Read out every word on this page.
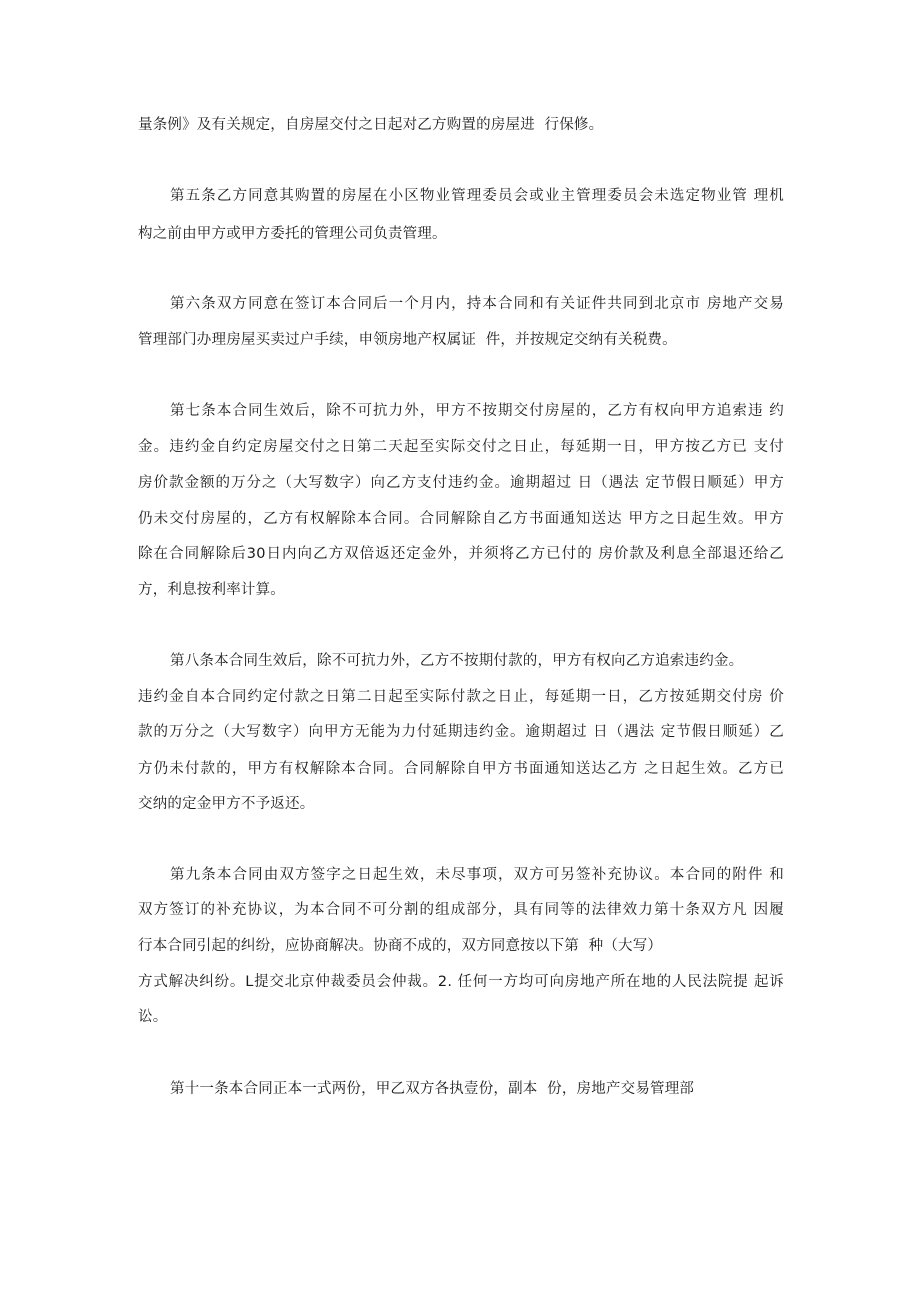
量条例》及有关规定，自房屋交付之日起对乙方购置的房屋进  行保修。
第五条乙方同意其购置的房屋在小区物业管理委员会或业主管理委员会未选定物业管 理机
构之前由甲方或甲方委托的管理公司负责管理。
第六条双方同意在签订本合同后一个月内，持本合同和有关证件共同到北京市 房地产交易
管理部门办理房屋买卖过户手续，申领房地产权属证  件，并按规定交纳有关税费。
第七条本合同生效后，除不可抗力外，甲方不按期交付房屋的，乙方有权向甲方追索违 约
金。违约金自约定房屋交付之日第二天起至实际交付之日止，每延期一日，甲方按乙方已 支付
房价款金额的万分之（大写数字）向乙方支付违约金。逾期超过 日（遇法 定节假日顺延）甲方
仍未交付房屋的，乙方有权解除本合同。合同解除自乙方书面通知送达 甲方之日起生效。甲方
除在合同解除后30日内向乙方双倍返还定金外，并须将乙方已付的 房价款及利息全部退还给乙
方，利息按利率计算。
第八条本合同生效后，除不可抗力外，乙方不按期付款的，甲方有权向乙方追索违约金。
违约金自本合同约定付款之日第二日起至实际付款之日止，每延期一日，乙方按延期交付房 价
款的万分之（大写数字）向甲方无能为力付延期违约金。逾期超过 日（遇法 定节假日顺延）乙
方仍未付款的，甲方有权解除本合同。合同解除自甲方书面通知送达乙方 之日起生效。乙方已
交纳的定金甲方不予返还。
第九条本合同由双方签字之日起生效，未尽事项，双方可另签补充协议。本合同的附件 和
双方签订的补充协议，为本合同不可分割的组成部分，具有同等的法律效力第十条双方凡 因履
行本合同引起的纠纷，应协商解决。协商不成的，双方同意按以下第  种（大写）
方式解决纠纷。L提交北京仲裁委员会仲裁。2. 任何一方均可向房地产所在地的人民法院提 起诉
讼。
第十一条本合同正本一式两份，甲乙双方各执壹份，副本  份，房地产交易管理部
